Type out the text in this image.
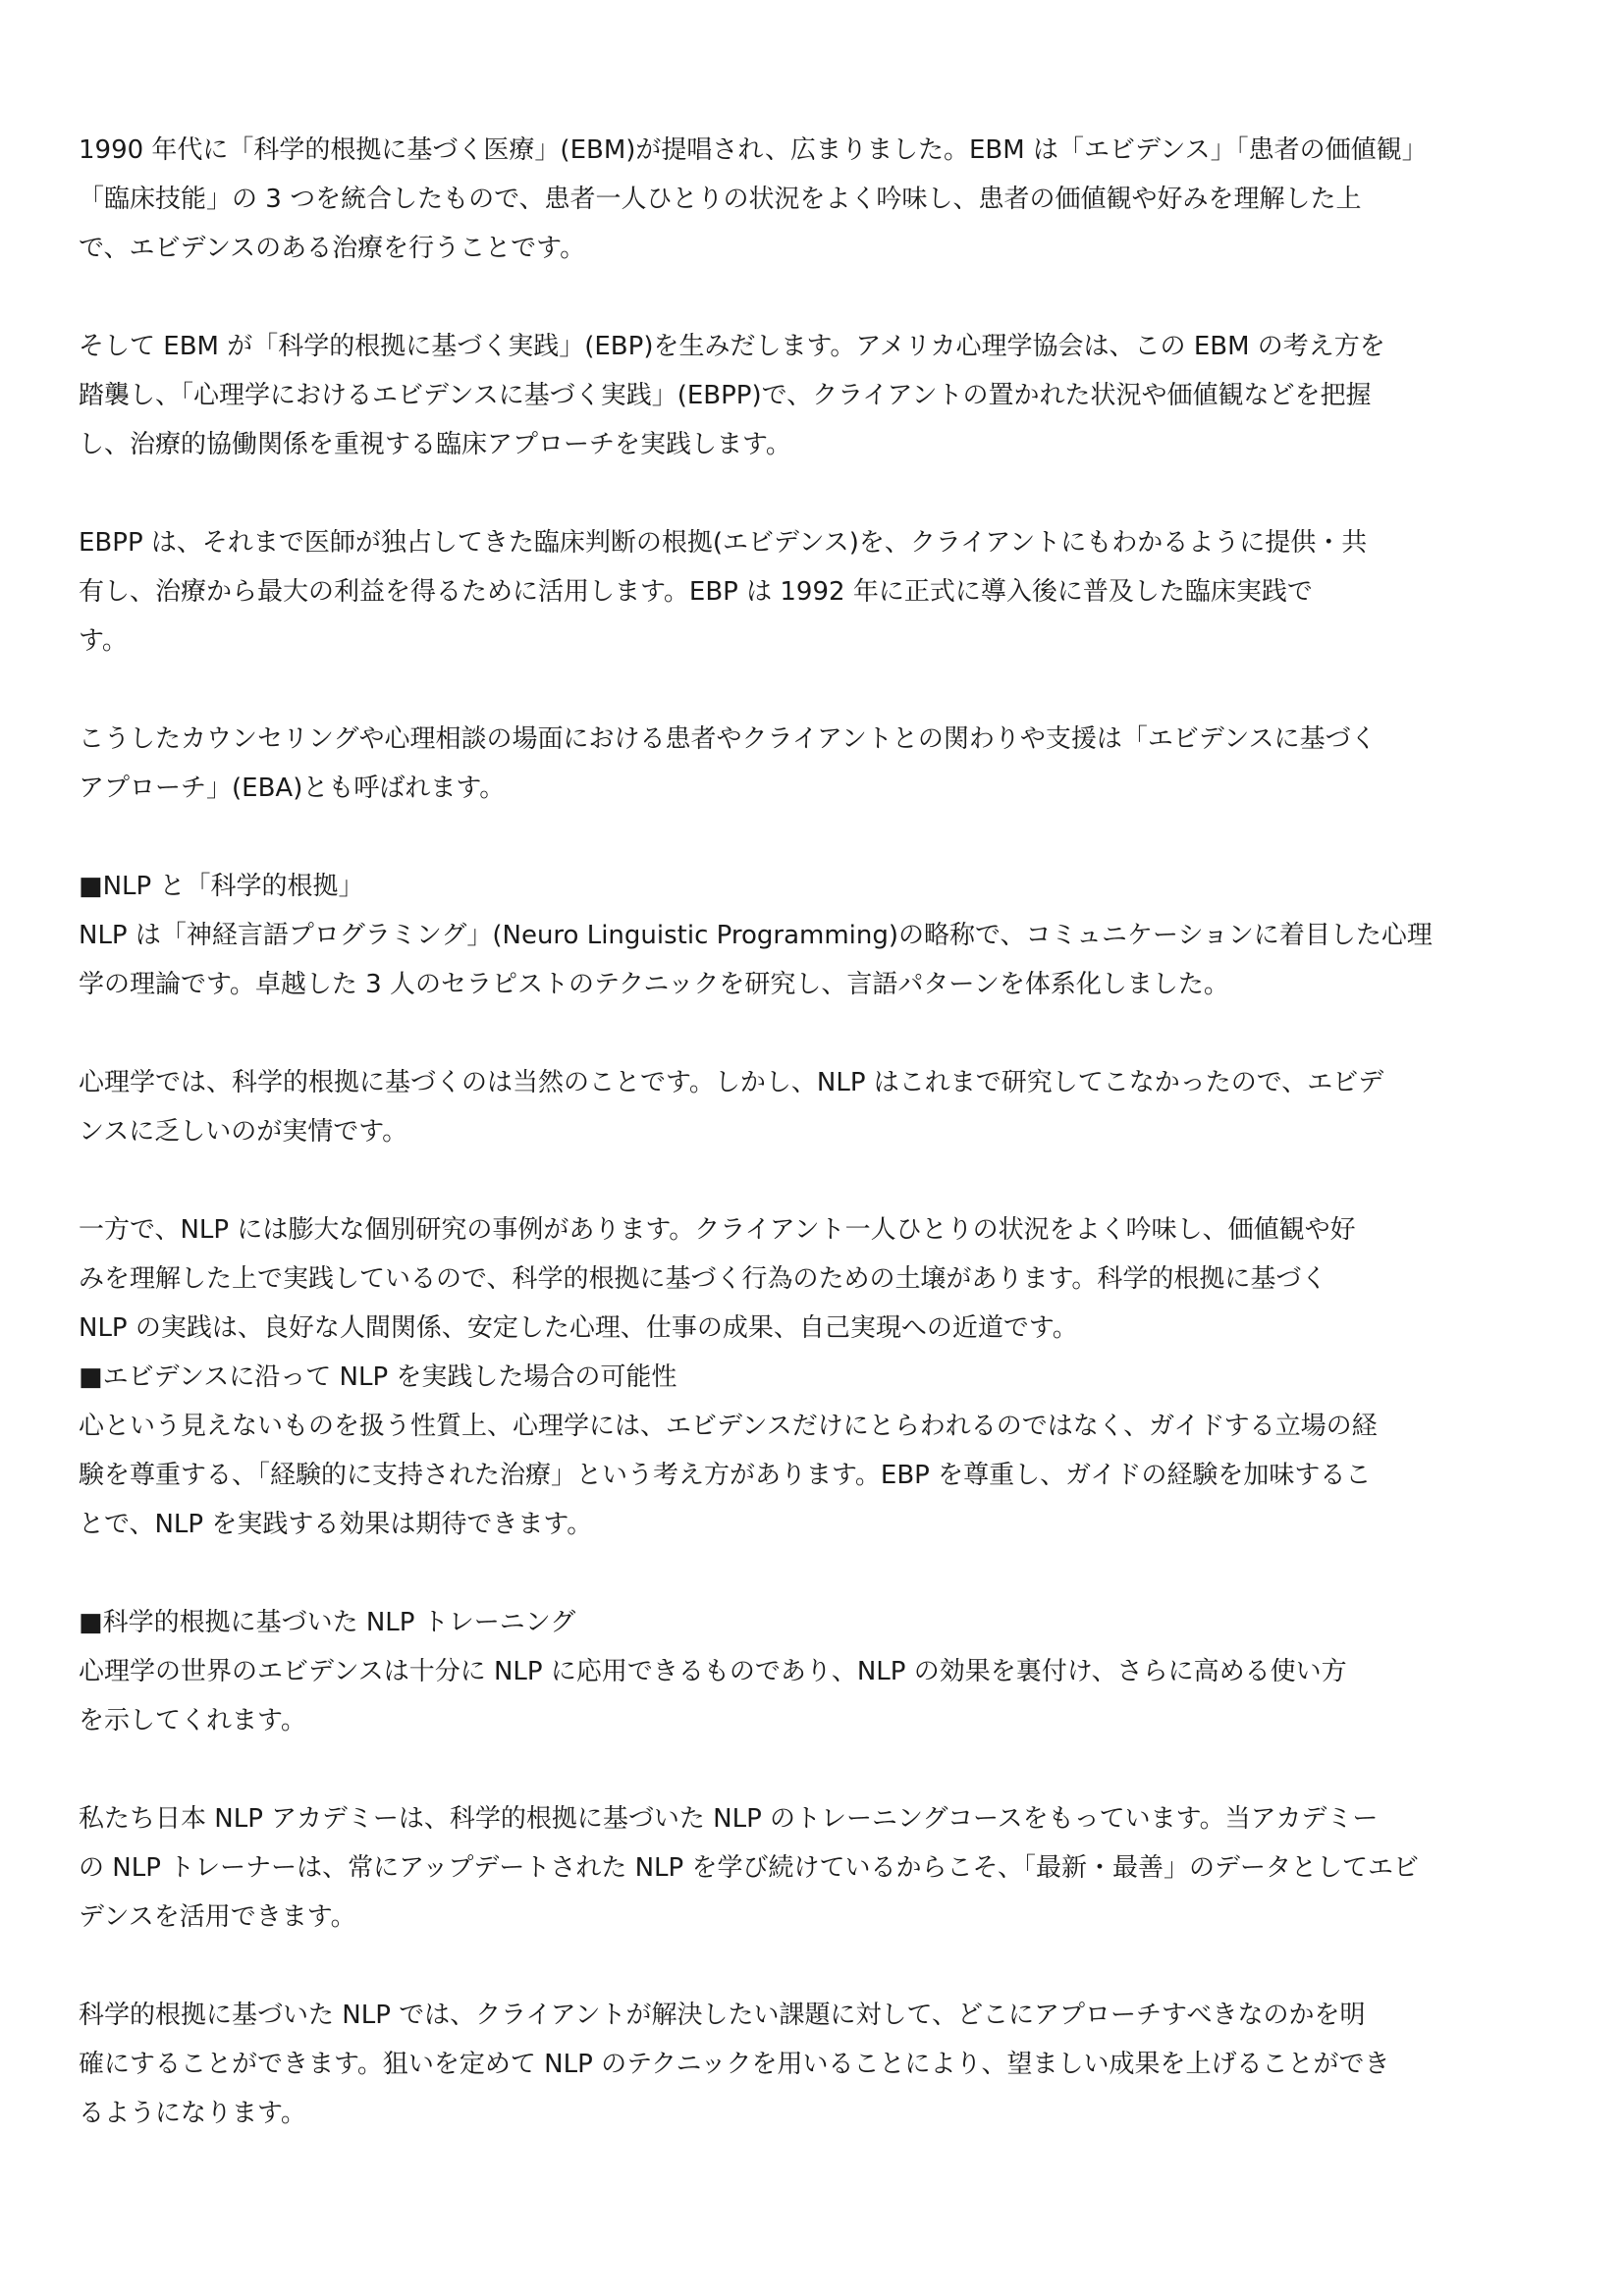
1990 年代に「科学的根拠に基づく医療」(EBM)が提唱され、広まりました。EBM は「エビデンス」「患者の価値観」
「臨床技能」の 3 つを統合したもので、患者一人ひとりの状況をよく吟味し、患者の価値観や好みを理解した上
で、エビデンスのある治療を行うことです。
そして EBM が「科学的根拠に基づく実践」(EBP)を生みだします。アメリカ心理学協会は、この EBM の考え方を
踏襲し、「心理学におけるエビデンスに基づく実践」(EBPP)で、クライアントの置かれた状況や価値観などを把握
し、治療的協働関係を重視する臨床アプローチを実践します。
EBPP は、それまで医師が独占してきた臨床判断の根拠(エビデンス)を、クライアントにもわかるように提供・共
有し、治療から最大の利益を得るために活用します。EBP は 1992 年に正式に導入後に普及した臨床実践で
す。
こうしたカウンセリングや心理相談の場面における患者やクライアントとの関わりや支援は「エビデンスに基づく
アプローチ」(EBA)とも呼ばれます。
■NLP と「科学的根拠」
NLP は「神経言語プログラミング」(Neuro Linguistic Programming)の略称で、コミュニケーションに着目した心理
学の理論です。卓越した 3 人のセラピストのテクニックを研究し、言語パターンを体系化しました。
心理学では、科学的根拠に基づくのは当然のことです。しかし、NLP はこれまで研究してこなかったので、エビデ
ンスに乏しいのが実情です。
一方で、NLP には膨大な個別研究の事例があります。クライアント一人ひとりの状況をよく吟味し、価値観や好
みを理解した上で実践しているので、科学的根拠に基づく行為のための土壌があります。科学的根拠に基づく
NLP の実践は、良好な人間関係、安定した心理、仕事の成果、自己実現への近道です。
■エビデンスに沿って NLP を実践した場合の可能性
心という見えないものを扱う性質上、心理学には、エビデンスだけにとらわれるのではなく、ガイドする立場の経
験を尊重する、「経験的に支持された治療」という考え方があります。EBP を尊重し、ガイドの経験を加味するこ
とで、NLP を実践する効果は期待できます。
■科学的根拠に基づいた NLP トレーニング
心理学の世界のエビデンスは十分に NLP に応用できるものであり、NLP の効果を裏付け、さらに高める使い方
を示してくれます。
私たち日本 NLP アカデミーは、科学的根拠に基づいた NLP のトレーニングコースをもっています。当アカデミー
の NLP トレーナーは、常にアップデートされた NLP を学び続けているからこそ、「最新・最善」のデータとしてエビ
デンスを活用できます。
科学的根拠に基づいた NLP では、クライアントが解決したい課題に対して、どこにアプローチすべきなのかを明
確にすることができます。狙いを定めて NLP のテクニックを用いることにより、望ましい成果を上げることができ
るようになります。
